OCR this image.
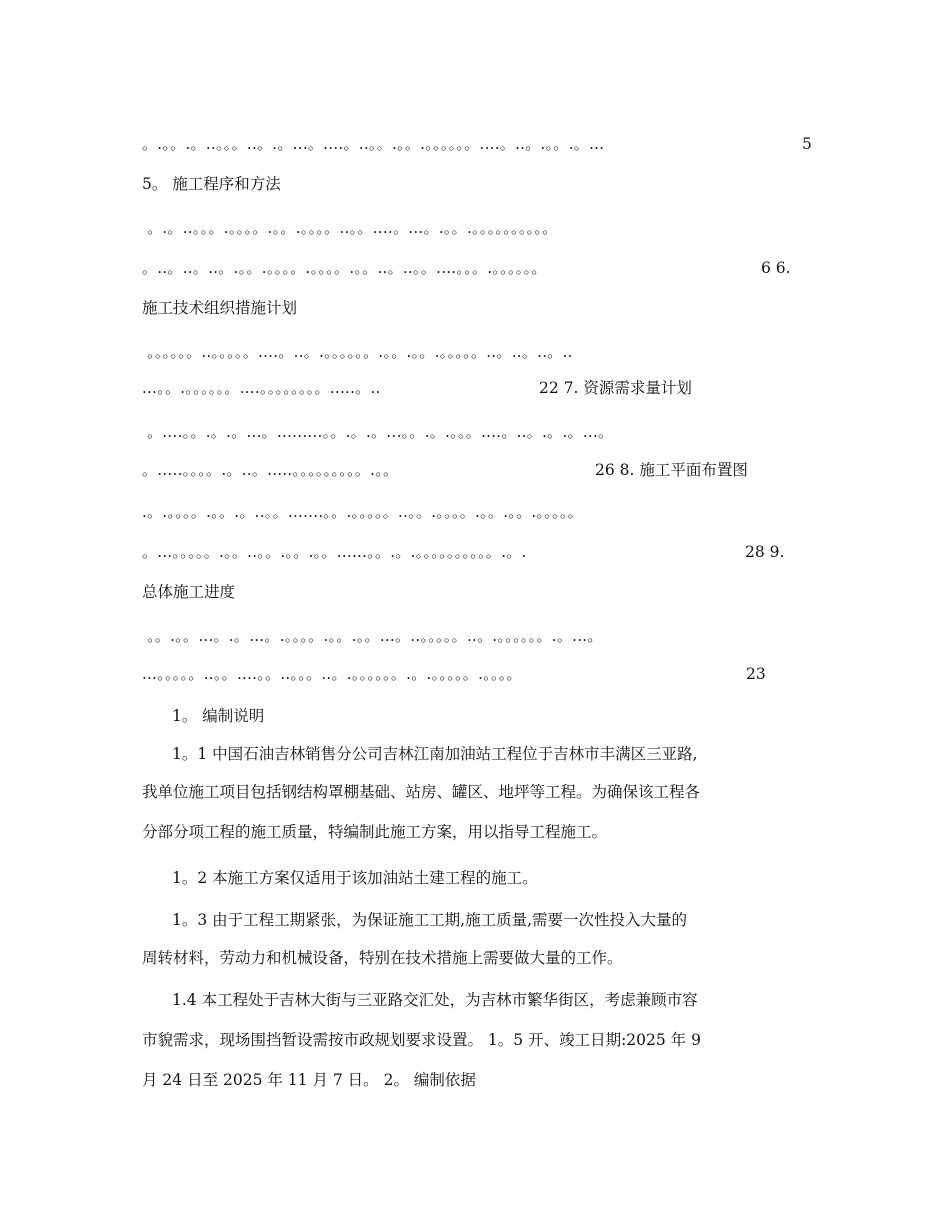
。.。。.。..。。。..。.。...。....。..。。.。。.。。。。。。....。..。.。。.。...	5
5。 施工程序和方法
。.。..。。。.。。。。.。。.。。。。..。。....。...。.。。.。。。。。。。。。。
。..。..。..。.。。.。。。。.。。。。.。。..。..。。....。。。.。。。。。。	6 6.
施工技术组织措施计划
。。。。。。..。。。。。....。..。.。。。。。。.。。.。。.。。。。。..。..。..。..
...。。.。。。。。。....。。。。。。。。.....。..	22 7. 资源需求量计划
。....。。.。.。...。.........。。.。.。...。。.。.。。。....。..。.。.。...。
。.....。。。。.。..。.....。。。。。。。。。.。。	26 8. 施工平面布置图
.。.。。。。.。。.。..。。.......。。.。。。。。..。。.。。。。.。。.。。.。。。。。
。...。。。。。.。。..。。.。。.。。......。。.。.。。。。。。。。。。.。.	28 9.
总体施工进度
。。.。。...。.。...。.。。。。.。。.。。...。..。。。。。..。.。。。。。。.。...。
...。。。。。..。。....。。..。。。..。.。。。。。。.。.。。。。。.。。。。	23
1。 编制说明
1。1 中国石油吉林销售分公司吉林江南加油站工程位于吉林市丰满区三亚路,
我单位施工项目包括钢结构罩棚基础、站房、罐区、地坪等工程。为确保该工程各
分部分项工程的施工质量，特编制此施工方案，用以指导工程施工。
1。2 本施工方案仅适用于该加油站土建工程的施工。
1。3 由于工程工期紧张，为保证施工工期,施工质量,需要一次性投入大量的
周转材料，劳动力和机械设备，特别在技术措施上需要做大量的工作。
1.4 本工程处于吉林大街与三亚路交汇处，为吉林市繁华街区，考虑兼顾市容
市貌需求，现场围挡暂设需按市政规划要求设置。 1。5 开、竣工日期:2025 年 9
月 24 日至 2025 年 11 月 7 日。 2。 编制依据
